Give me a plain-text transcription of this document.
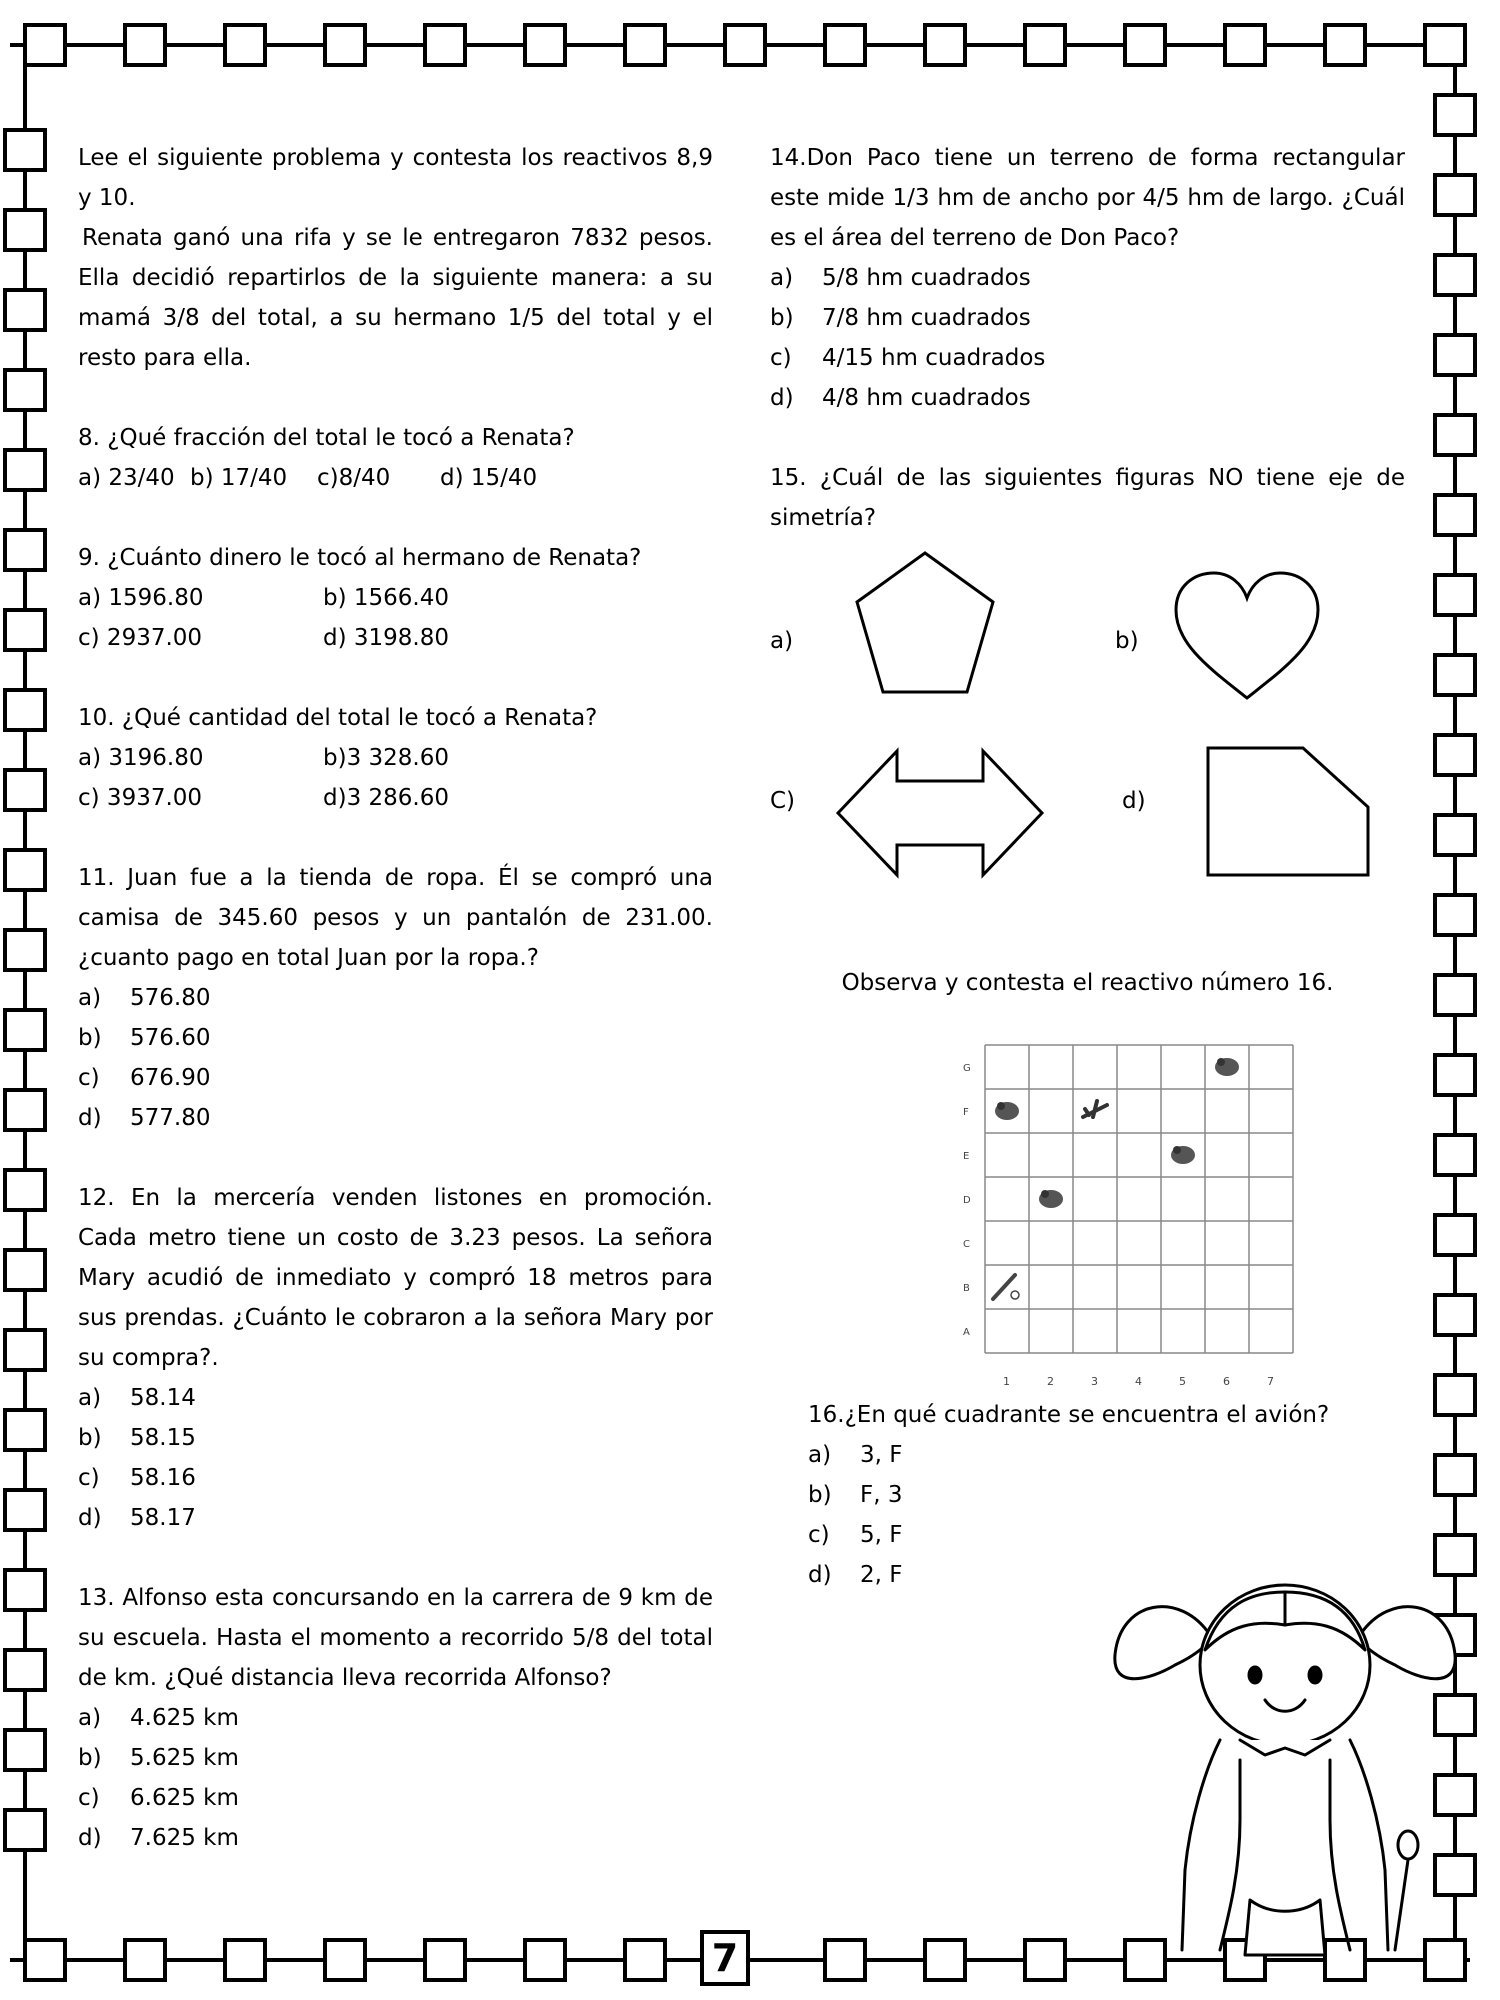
Lee el siguiente problema y contesta los reactivos 8,9 y 10.

Renata ganó una rifa y se le entregaron 7832 pesos. Ella decidió repartirlos de la siguiente manera: a su mamá 3/8 del total, a su hermano 1/5 del total y el resto para ella.

8. ¿Qué fracción del total le tocó a Renata?
a) 23/40 b) 17/40	c)8/40	d) 15/40
9. ¿Cuánto dinero le tocó al hermano de Renata?
a) 1596.80	b) 1566.40
c) 2937.00	d) 3198.80
10. ¿Qué cantidad del total le tocó a Renata?
a) 3196.80	b)3 328.60
c) 3937.00	d)3 286.60

11. Juan fue a la tienda de ropa. Él se compró una camisa de 345.60 pesos y un pantalón de 231.00.¿cuanto pago en total Juan por la ropa.?

a)	576.80
b)	576.60
c)	676.90
d)	577.80

12. En la mercería venden listones en promoción. Cada metro tiene un costo de 3.23 pesos. La señora Mary acudió de inmediato y compró 18 metros para sus prendas. ¿Cuánto le cobraron a la señora Mary por su compra?.

a)	58.14
b)	58.15
c)	58.16
d)	58.17

13. Alfonso esta concursando en la carrera de 9 km de su escuela. Hasta el momento a recorrido 5/8 del total de km. ¿Qué distancia lleva recorrida Alfonso?

a)	4.625 km
b)	5.625 km
c)	6.625 km
d)	7.625 km

14.Don Paco tiene un terreno de forma rectangular este mide 1/3 hm de ancho por 4/5 hm de largo. ¿Cuál es el área del terreno de Don Paco?

a)	5/8 hm cuadrados
b)	7/8 hm cuadrados
c)	4/15 hm cuadrados
d)	4/8 hm cuadrados

15. ¿Cuál de las siguientes figuras NO tiene eje de simetría?

a)	b)
C)	d)
Observa y contesta el reactivo número 16.
G
F
E
D
C
B
A
1	2	3	4	5	6	7
16.¿En qué cuadrante se encuentra el avión?
a)	3, F
b)	F, 3
c)	5, F
d)	2, F
7
